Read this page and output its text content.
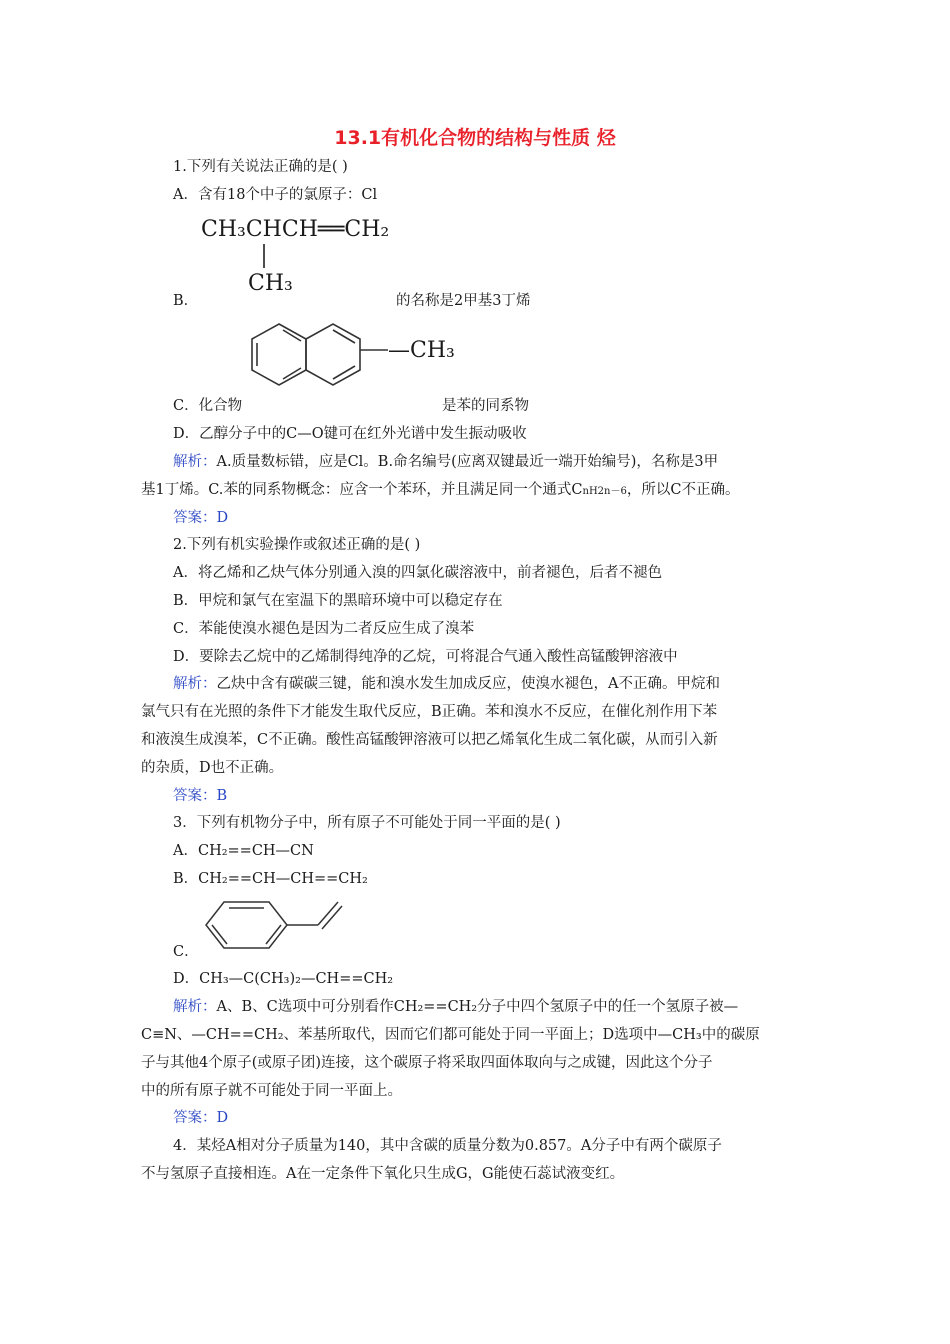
13.1有机化合物的结构与性质 烃
1.下列有关说法正确的是( )
A．含有18个中子的氯原子：Cl
CH₃CHCH══CH₂
CH₃
B．	的名称是2甲基3丁烯
—CH₃
C．化合物	是苯的同系物
D．乙醇分子中的C—O键可在红外光谱中发生振动吸收
解析：A.质量数标错，应是Cl。B.命名编号(应离双键最近一端开始编号)，名称是3甲
基1丁烯。C.苯的同系物概念：应含一个苯环，并且满足同一个通式CnH2n－6，所以C不正确。
答案：D
2.下列有机实验操作或叙述正确的是( )
A．将乙烯和乙炔气体分别通入溴的四氯化碳溶液中，前者褪色，后者不褪色
B．甲烷和氯气在室温下的黑暗环境中可以稳定存在
C．苯能使溴水褪色是因为二者反应生成了溴苯
D．要除去乙烷中的乙烯制得纯净的乙烷，可将混合气通入酸性高锰酸钾溶液中
解析：乙炔中含有碳碳三键，能和溴水发生加成反应，使溴水褪色，A不正确。甲烷和
氯气只有在光照的条件下才能发生取代反应，B正确。苯和溴水不反应，在催化剂作用下苯
和液溴生成溴苯，C不正确。酸性高锰酸钾溶液可以把乙烯氧化生成二氧化碳，从而引入新
的杂质，D也不正确。
答案：B
3．下列有机物分子中，所有原子不可能处于同一平面的是( )
A．CH₂==CH—CN
B．CH₂==CH—CH==CH₂
C．
D．CH₃—C(CH₃)₂—CH==CH₂
解析：A、B、C选项中可分别看作CH₂==CH₂分子中四个氢原子中的任一个氢原子被—
C≡N、—CH==CH₂、苯基所取代，因而它们都可能处于同一平面上；D选项中—CH₃中的碳原
子与其他4个原子(或原子团)连接，这个碳原子将采取四面体取向与之成键，因此这个分子
中的所有原子就不可能处于同一平面上。
答案：D
4．某烃A相对分子质量为140，其中含碳的质量分数为0.857。A分子中有两个碳原子
不与氢原子直接相连。A在一定条件下氧化只生成G，G能使石蕊试液变红。
